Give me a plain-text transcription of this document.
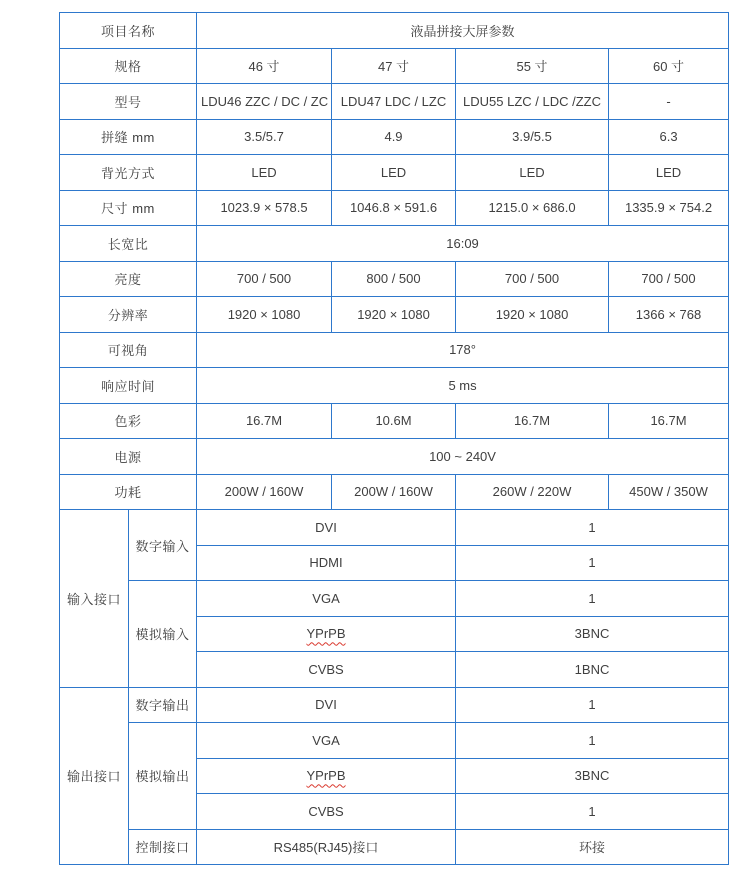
项目名称		液晶拼接大屏参数			
规格		46 寸	47 寸	55 寸	60 寸
型号		LDU46 ZZC / DC / ZC	LDU47 LDC / LZC	LDU55 LZC / LDC /ZZC	-
拼缝 mm		3.5/5.7	4.9	3.9/5.5	6.3
背光方式		LED	LED	LED	LED
尺寸 mm		1023.9 × 578.5	1046.8 × 591.6	1215.0 × 686.0	1335.9 × 754.2
长宽比		16:09			
亮度		700 / 500	800 / 500	700 / 500	700 / 500
分辨率		1920 × 1080	1920 × 1080	1920 × 1080	1366 × 768
可视角		178°			
响应时间		5 ms			
色彩		16.7M	10.6M	16.7M	16.7M
电源		100 ~ 240V			
功耗		200W / 160W	200W / 160W	260W / 220W	450W / 350W
输入接口	数字输入	DVI		1	
		HDMI		1	
	模拟输入	VGA		1	
		YPrPB		3BNC	
		CVBS		1BNC	
输出接口	数字输出	DVI		1	
	模拟输出	VGA		1	
		YPrPB		3BNC	
		CVBS		1	
	控制接口	RS485(RJ45)接口		环接	
